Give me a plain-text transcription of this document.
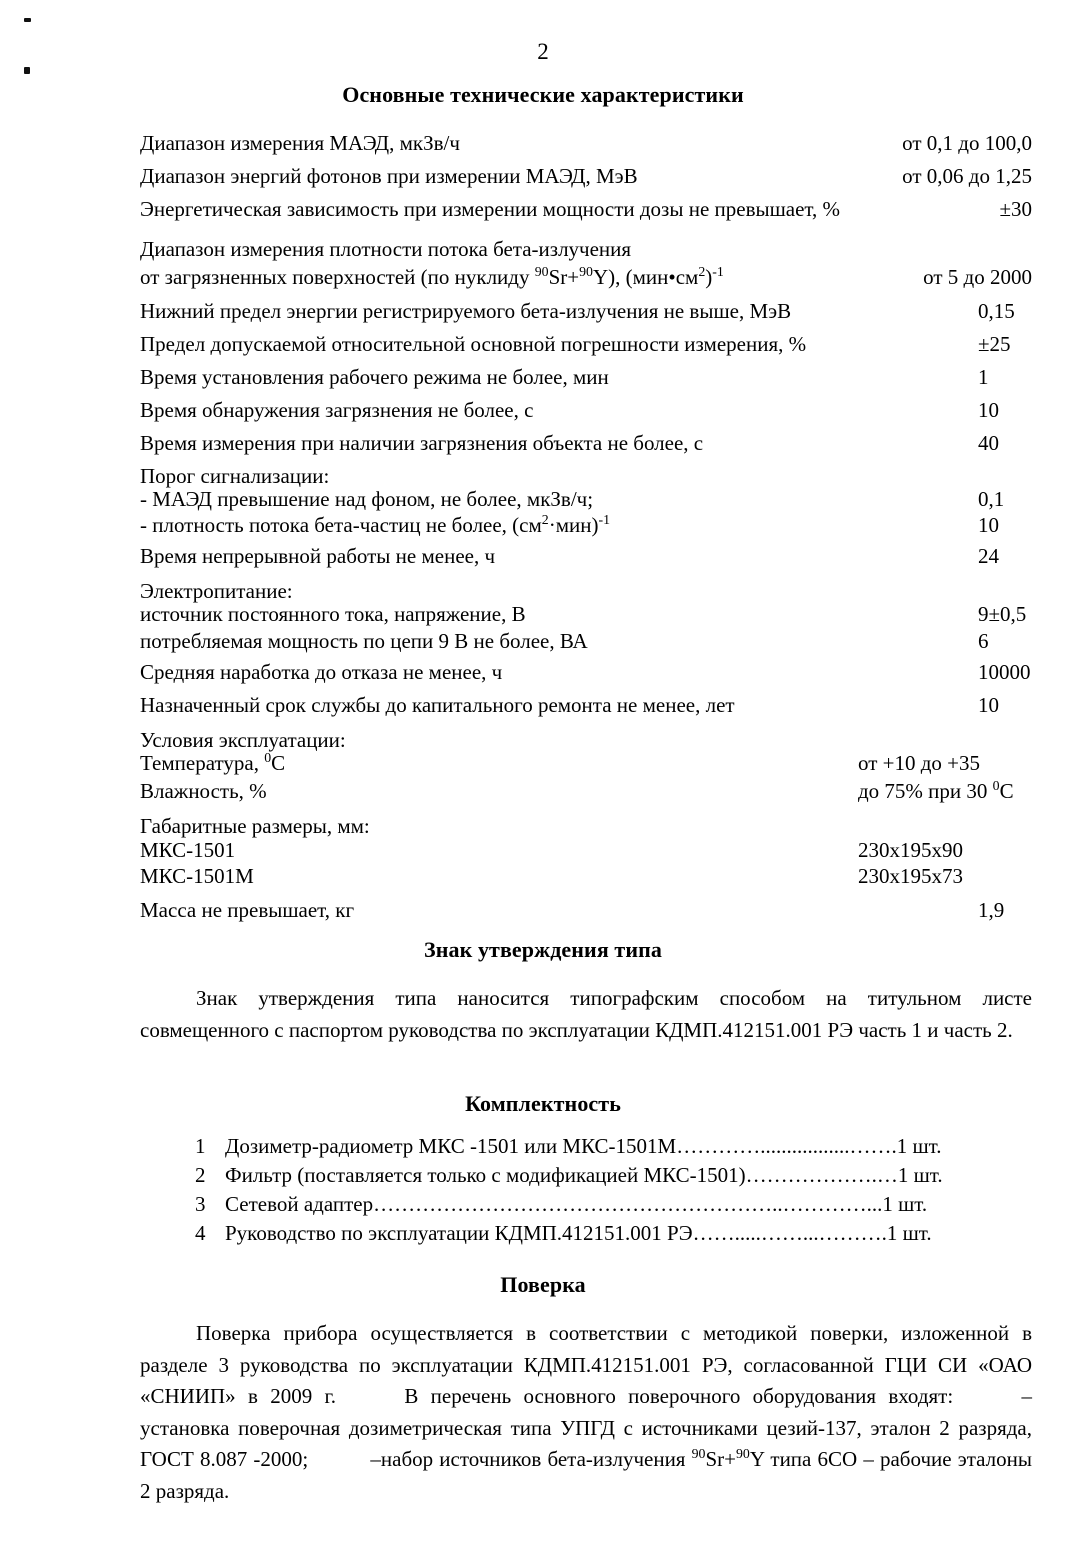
2
Основные технические характеристики
Диапазон измерения МАЭД, мкЗв/ч	от 0,1 до 100,0
Диапазон энергий фотонов при измерении МАЭД, МэВ	от 0,06 до 1,25
Энергетическая зависимость при измерении мощности дозы не превышает, %	±30
Диапазон измерения плотности потока бета-излучения
от загрязненных поверхностей (по нуклиду $^{90}$Sr+$^{90}$Y), $(мин•см^2)^{-1}$	от 5 до 2000
Нижний предел энергии регистрируемого бета-излучения не выше, МэВ	0,15
Предел допускаемой относительной основной погрешности измерения, %	±25
Время установления рабочего режима не более, мин	1
Время обнаружения загрязнения не более, с	10
Время измерения при наличии загрязнения объекта не более, с	40
Порог сигнализации:
- МАЭД превышение над фоном, не более, мкЗв/ч;	0,1
- плотность потока бета-частиц не более, $(см^2\cdot мин)^{-1}$	10
Время непрерывной работы не менее, ч	24
Электропитание:
источник постоянного тока, напряжение, В	9±0,5
потребляемая мощность по цепи 9 В не более, ВА	6
Средняя наработка до отказа не менее, ч	10000
Назначенный срок службы до капитального ремонта не менее, лет	10
Условия эксплуатации:
Температура, $^0$С	от +10 до +35
Влажность, %	до 75% при 30 $^0$С
Габаритные размеры, мм:
МКС-1501	230x195x90
МКС-1501М	230x195x73
Масса не превышает, кг	1,9
Знак утверждения типа
Знак утверждения типа наносится типографским способом на титульном листе совмещенного с паспортом руководства по эксплуатации КДМП.412151.001 РЭ часть 1 и часть 2.
Комплектность
1 Дозиметр-радиометр МКС -1501 или МКС-1501М………….................…….1 шт.
2 Фильтр (поставляется только с модификацией МКС-1501)……………….…1 шт.
3 Сетевой адаптер…………………………………………………..…………...1 шт.
4 Руководство по эксплуатации КДМП.412151.001 РЭ…….....……...……….1 шт.
Поверка
Поверка прибора осуществляется в соответствии с методикой поверки, изложенной в разделе 3 руководства по эксплуатации КДМП.412151.001 РЭ, согласованной ГЦИ СИ «ОАО «СНИИП» в 2009 г.	В перечень основного поверочного оборудования входят:	–установка поверочная дозиметрическая типа УПГД с источниками цезий-137, эталон 2 разряда, ГОСТ 8.087 -2000;	–набор источников бета-излучения $^{90}$Sr+$^{90}$Y типа 6СО – рабочие эталоны 2 разряда.
